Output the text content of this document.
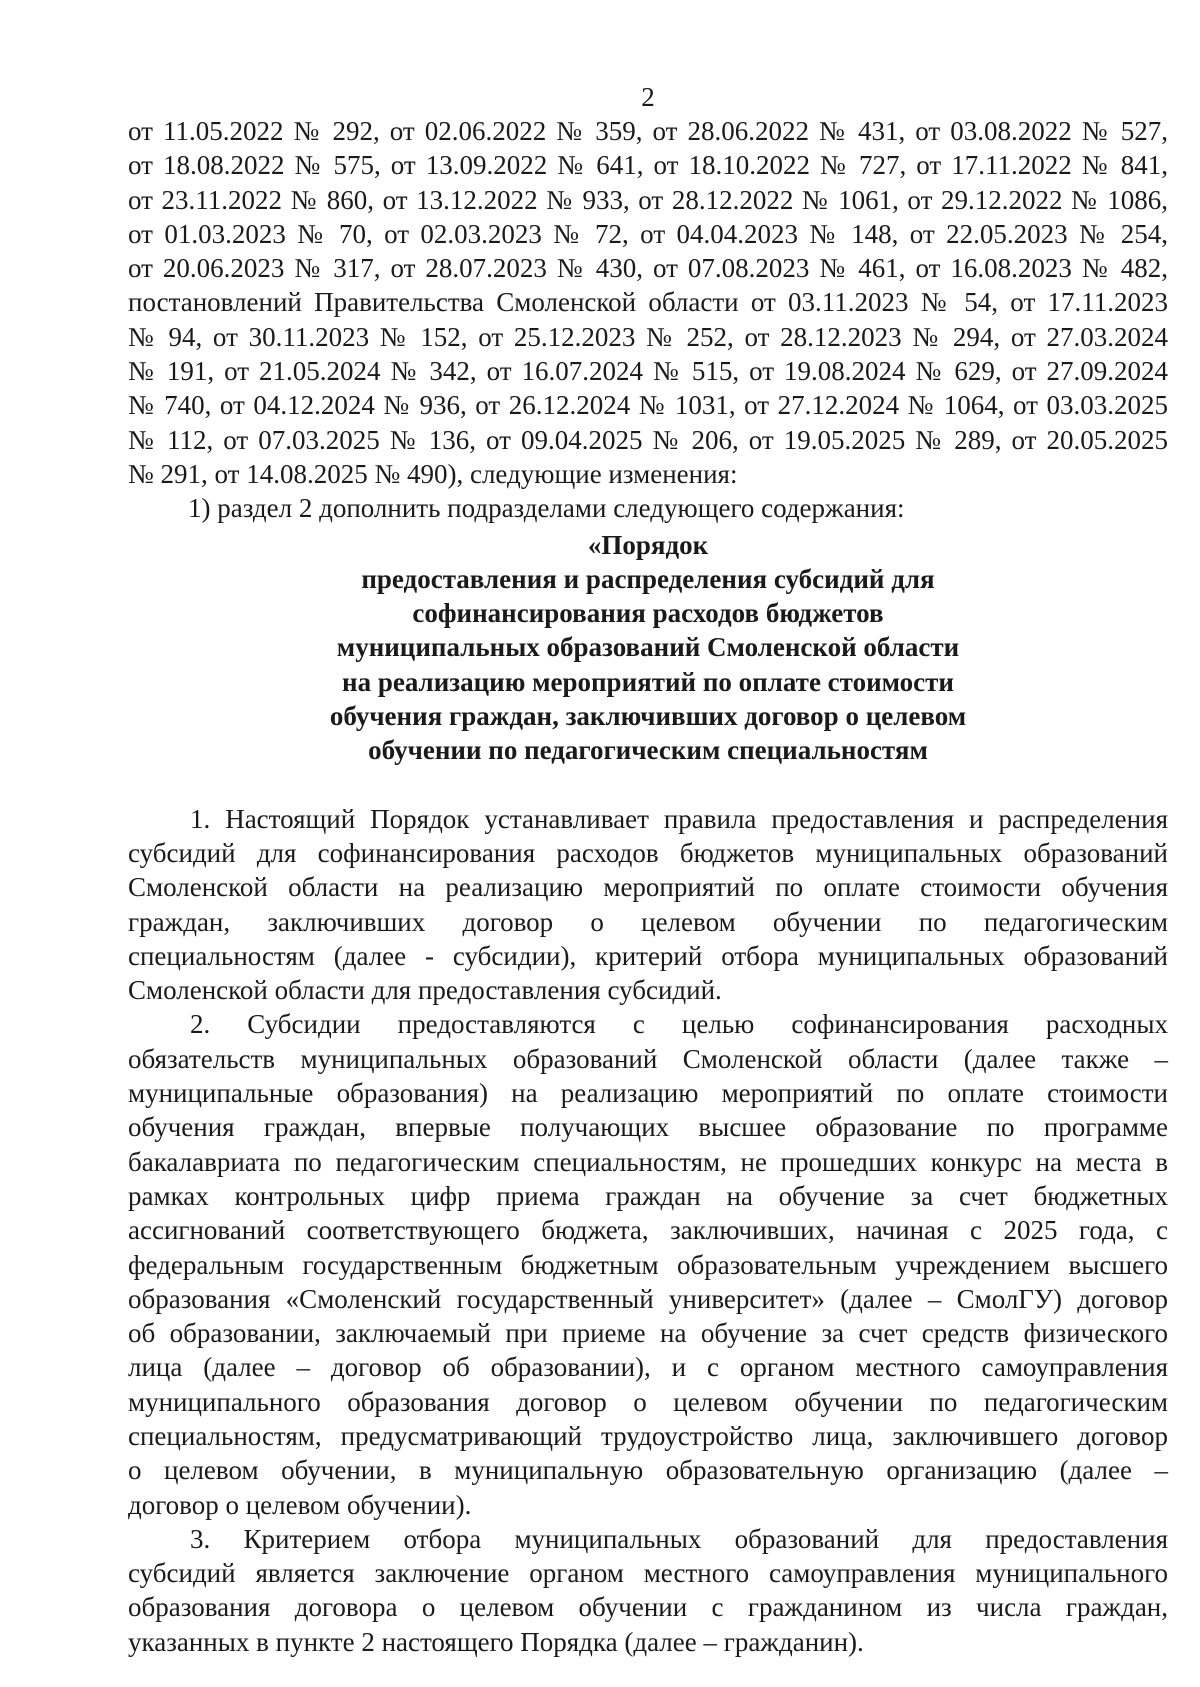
2
от 11.05.2022 № 292, от 02.06.2022 № 359, от 28.06.2022 № 431, от 03.08.2022 № 527,
от 18.08.2022 № 575, от 13.09.2022 № 641, от 18.10.2022 № 727, от 17.11.2022 № 841,
от 23.11.2022 № 860, от 13.12.2022 № 933, от 28.12.2022 № 1061, от 29.12.2022 № 1086,
от 01.03.2023 № 70, от 02.03.2023 № 72, от 04.04.2023 № 148, от 22.05.2023 № 254,
от 20.06.2023 № 317, от 28.07.2023 № 430, от 07.08.2023 № 461, от 16.08.2023 № 482,
постановлений Правительства Смоленской области от 03.11.2023 № 54, от 17.11.2023
№ 94, от 30.11.2023 № 152, от 25.12.2023 № 252, от 28.12.2023 № 294, от 27.03.2024
№ 191, от 21.05.2024 № 342, от 16.07.2024 № 515, от 19.08.2024 № 629, от 27.09.2024
№ 740, от 04.12.2024 № 936, от 26.12.2024 № 1031, от 27.12.2024 № 1064, от 03.03.2025
№ 112, от 07.03.2025 № 136, от 09.04.2025 № 206, от 19.05.2025 № 289, от 20.05.2025
№ 291, от 14.08.2025 № 490), следующие изменения:
1) раздел 2 дополнить подразделами следующего содержания:
«Порядок
предоставления и распределения субсидий для
софинансирования расходов бюджетов
муниципальных образований Смоленской области
на реализацию мероприятий по оплате стоимости
обучения граждан, заключивших договор о целевом
обучении по педагогическим специальностям
1. Настоящий Порядок устанавливает правила предоставления и распределения
субсидий для софинансирования расходов бюджетов муниципальных образований
Смоленской области на реализацию мероприятий по оплате стоимости обучения
граждан, заключивших договор о целевом обучении по педагогическим
специальностям (далее - субсидии), критерий отбора муниципальных образований
Смоленской области для предоставления субсидий.
2. Субсидии предоставляются с целью софинансирования расходных
обязательств муниципальных образований Смоленской области (далее также –
муниципальные образования) на реализацию мероприятий по оплате стоимости
обучения граждан, впервые получающих высшее образование по программе
бакалавриата по педагогическим специальностям, не прошедших конкурс на места в
рамках контрольных цифр приема граждан на обучение за счет бюджетных
ассигнований соответствующего бюджета, заключивших, начиная с 2025 года, с
федеральным государственным бюджетным образовательным учреждением высшего
образования «Смоленский государственный университет» (далее – СмолГУ) договор
об образовании, заключаемый при приеме на обучение за счет средств физического
лица (далее – договор об образовании), и с органом местного самоуправления
муниципального образования договор о целевом обучении по педагогическим
специальностям, предусматривающий трудоустройство лица, заключившего договор
о целевом обучении, в муниципальную образовательную организацию (далее –
договор о целевом обучении).
3. Критерием отбора муниципальных образований для предоставления
субсидий является заключение органом местного самоуправления муниципального
образования договора о целевом обучении с гражданином из числа граждан,
указанных в пункте 2 настоящего Порядка (далее – гражданин).
